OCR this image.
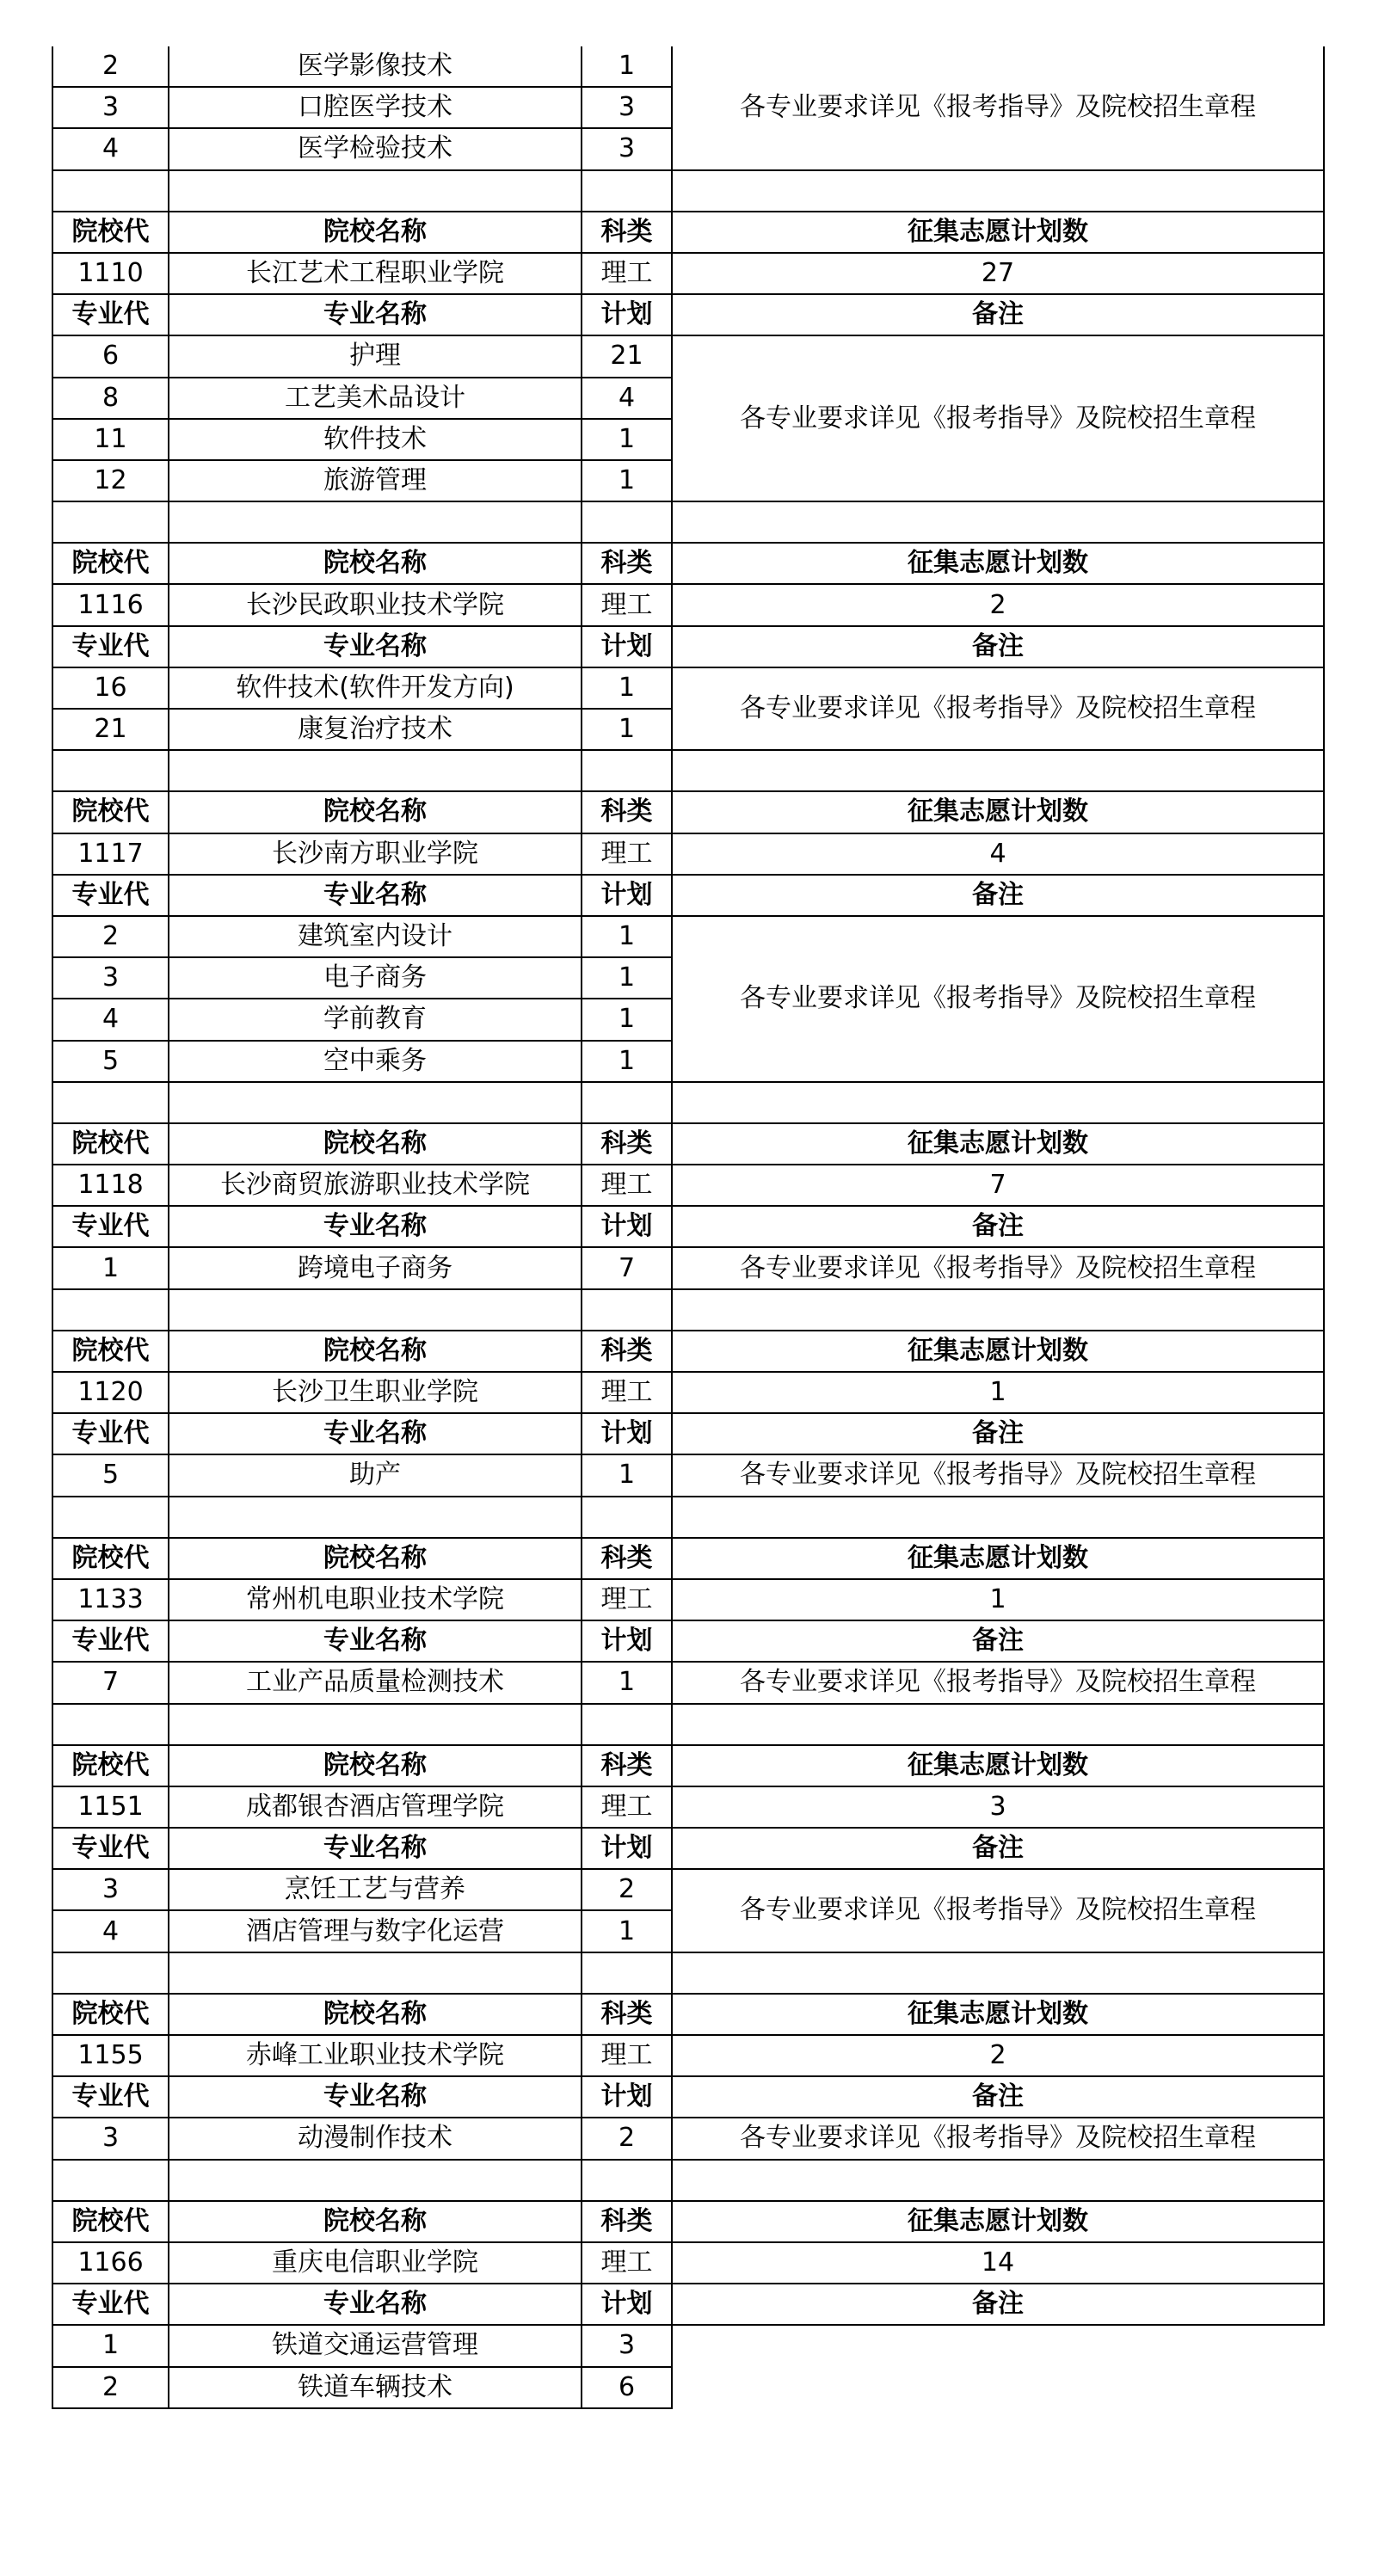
2	医学影像技术	1	各专业要求详见《报考指导》及院校招生章程
3	口腔医学技术	3	
4	医学检验技术	3	

院校代	院校名称	科类	征集志愿计划数
1110	长江艺术工程职业学院	理工	27
专业代	专业名称	计划	备注
6	护理	21	各专业要求详见《报考指导》及院校招生章程
8	工艺美术品设计	4	
11	软件技术	1	
12	旅游管理	1	

院校代	院校名称	科类	征集志愿计划数
1116	长沙民政职业技术学院	理工	2
专业代	专业名称	计划	备注
16	软件技术(软件开发方向)	1	各专业要求详见《报考指导》及院校招生章程
21	康复治疗技术	1	

院校代	院校名称	科类	征集志愿计划数
1117	长沙南方职业学院	理工	4
专业代	专业名称	计划	备注
2	建筑室内设计	1	各专业要求详见《报考指导》及院校招生章程
3	电子商务	1	
4	学前教育	1	
5	空中乘务	1	

院校代	院校名称	科类	征集志愿计划数
1118	长沙商贸旅游职业技术学院	理工	7
专业代	专业名称	计划	备注
1	跨境电子商务	7	各专业要求详见《报考指导》及院校招生章程

院校代	院校名称	科类	征集志愿计划数
1120	长沙卫生职业学院	理工	1
专业代	专业名称	计划	备注
5	助产	1	各专业要求详见《报考指导》及院校招生章程

院校代	院校名称	科类	征集志愿计划数
1133	常州机电职业技术学院	理工	1
专业代	专业名称	计划	备注
7	工业产品质量检测技术	1	各专业要求详见《报考指导》及院校招生章程

院校代	院校名称	科类	征集志愿计划数
1151	成都银杏酒店管理学院	理工	3
专业代	专业名称	计划	备注
3	烹饪工艺与营养	2	各专业要求详见《报考指导》及院校招生章程
4	酒店管理与数字化运营	1	

院校代	院校名称	科类	征集志愿计划数
1155	赤峰工业职业技术学院	理工	2
专业代	专业名称	计划	备注
3	动漫制作技术	2	各专业要求详见《报考指导》及院校招生章程

院校代	院校名称	科类	征集志愿计划数
1166	重庆电信职业学院	理工	14
专业代	专业名称	计划	备注
1	铁道交通运营管理	3	
2	铁道车辆技术	6	
